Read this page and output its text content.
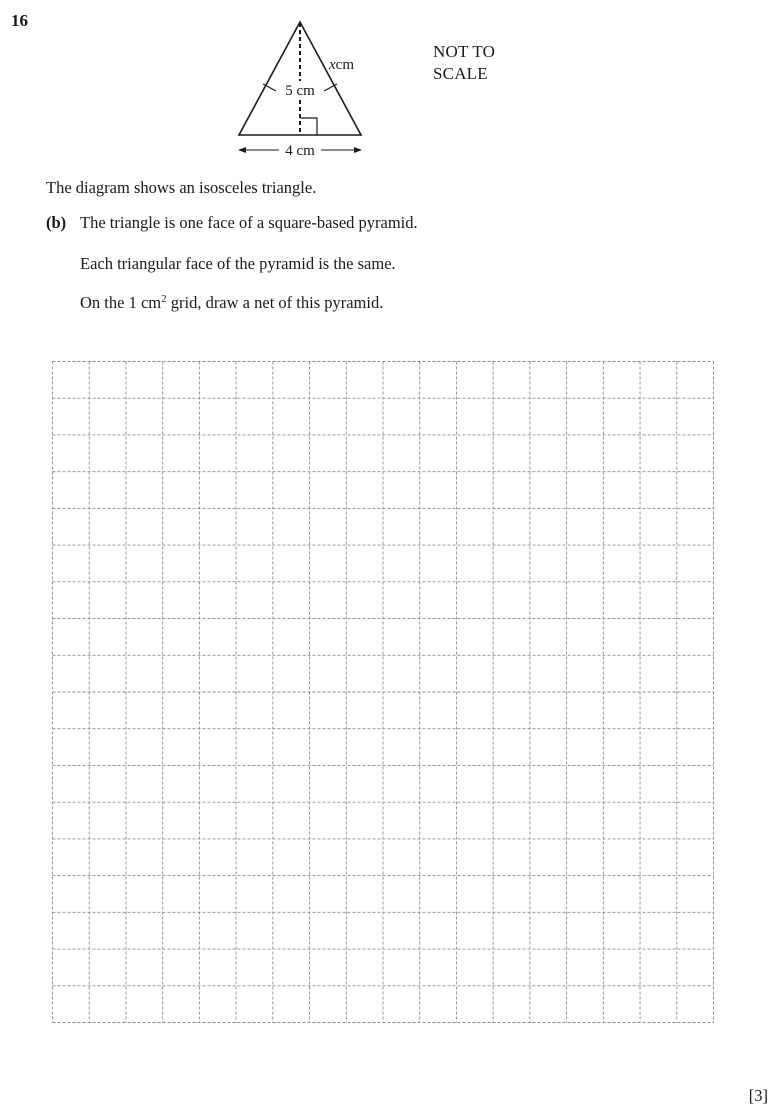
16
xcm
5 cm
4 cm
NOT TO
SCALE
The diagram shows an isosceles triangle.
(b) The triangle is one face of a square-based pyramid.
Each triangular face of the pyramid is the same.
On the 1 $cm^2$ grid, draw a net of this pyramid.
[3]
